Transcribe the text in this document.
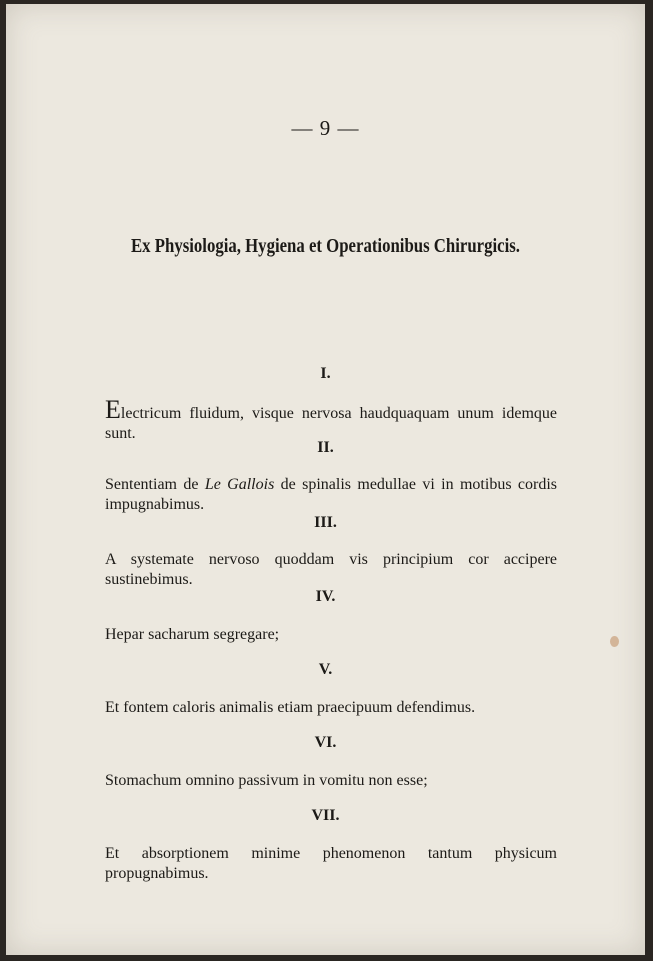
— 9 —
Ex Physiologia, Hygiena et Operationibus Chirurgicis.
I.
Electricum fluidum, visque nervosa haudquaquam unum idemque sunt.
II.
Sententiam de Le Gallois de spinalis medullae vi in motibus cordis impugnabimus.
III.
A systemate nervoso quoddam vis principium cor accipere sustinebimus.
IV.
Hepar sacharum segregare;
V.
Et fontem caloris animalis etiam praecipuum defendimus.
VI.
Stomachum omnino passivum in vomitu non esse;
VII.
Et absorptionem minime phenomenon tantum physicum propugnabimus.
